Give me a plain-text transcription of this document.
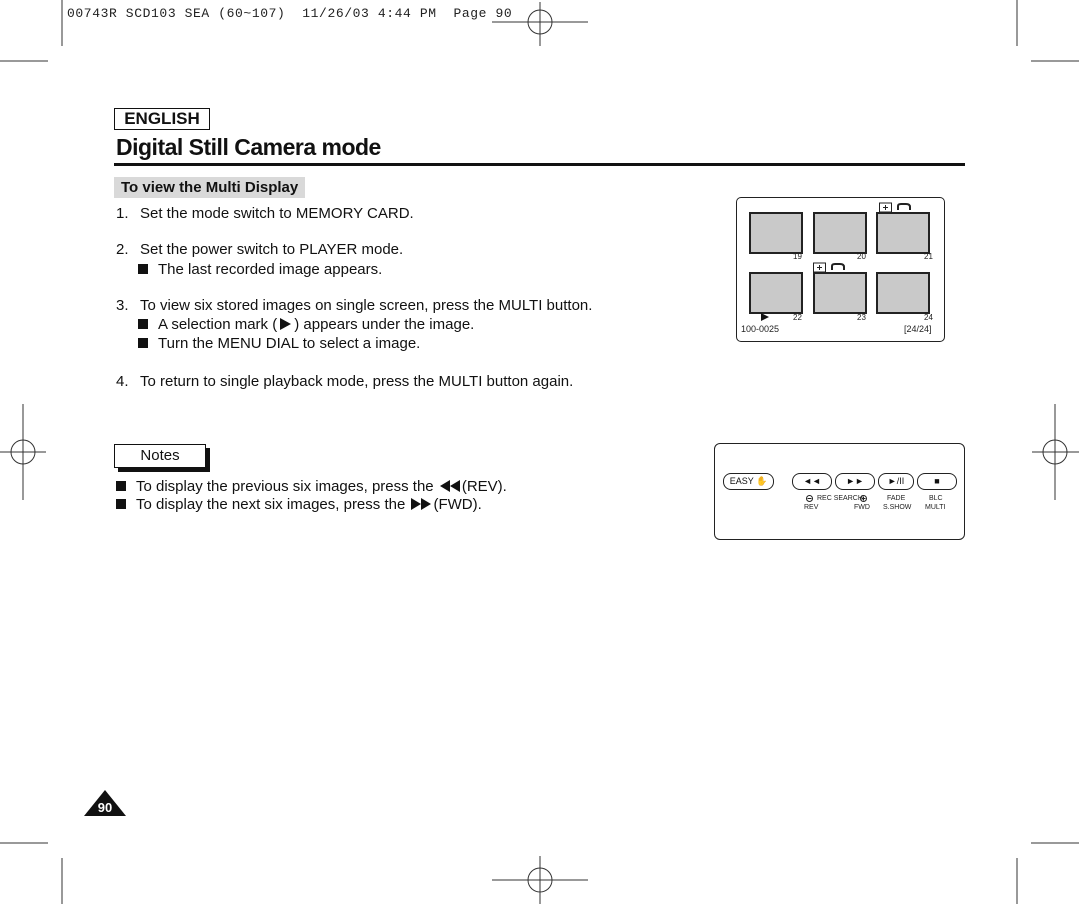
00743R SCD103 SEA (60~107)  11/26/03 4:44 PM  Page 90
ENGLISH
Digital Still Camera mode
To view the Multi Display
1. Set the mode switch to MEMORY CARD.
2. Set the power switch to PLAYER mode.
The last recorded image appears.
3. To view six stored images on single screen, press the MULTI button.
A selection mark ( ) appears under the image.
Turn the MENU DIAL to select a image.
4. To return to single playback mode, press the MULTI button again.
Notes
To display the previous six images, press the (REV).
To display the next six images, press the (FWD).
19	20	21
22	23	24
100-0025	[24/24]
EASY ✋	◄◄	►►	►/II	■
REC SEARCH	FADE	BLC
REV	FWD S.SHOW MULTI
90
